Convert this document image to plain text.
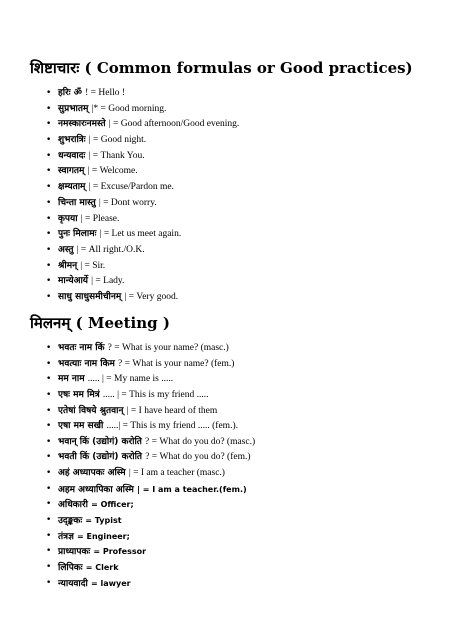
शिष्टाचारः ( Common formulas or Good practices)
• हरिः ॐ ! = Hello !
• सुप्रभातम् |* = Good morning.
• नमस्कारःनमस्ते | = Good afternoon/Good evening.
• शुभरात्रिः | = Good night.
• धन्यवादः | = Thank You.
• स्वागतम् | = Welcome.
• क्षम्यताम् | = Excuse/Pardon me.
• चिन्ता मास्तु | = Dont worry.
• कृपया | = Please.
• पुनः मिलामः | = Let us meet again.
• अस्तु | = All right./O.K.
• श्रीमन् | = Sir.
• मान्येआर्ये | = Lady.
• साधु साधुसमीचीनम् | = Very good.
मिलनम् ( Meeting )
• भवतः नाम किं ? = What is your name? (masc.)
• भवत्याः नाम किम ? = What is your name? (fem.)
• मम नाम ..... | = My name is .....
• एषः मम मित्रं ..... | = This is my friend .....
• एतेषां विषये श्रुतवान् | = I have heard of them
• एषा मम सखी .....| = This is my friend ..... (fem.).
• भवान् किं (उद्योगं) करोति ? = What do you do? (masc.)
• भवती किं (उद्योगं) करोति ? = What do you do? (fem.)
• अहं अध्यापकः अस्मि | = I am a teacher (masc.)
• अहम अध्यापिका अस्मि | = I am a teacher.(fem.)
• अधिकारी = Officer;
• उद्ङ्ककः = Typist
• तंत्रज्ञ = Engineer;
• प्राध्यापकः = Professor
• लिपिकः = Clerk
• न्यायवादी = lawyer
